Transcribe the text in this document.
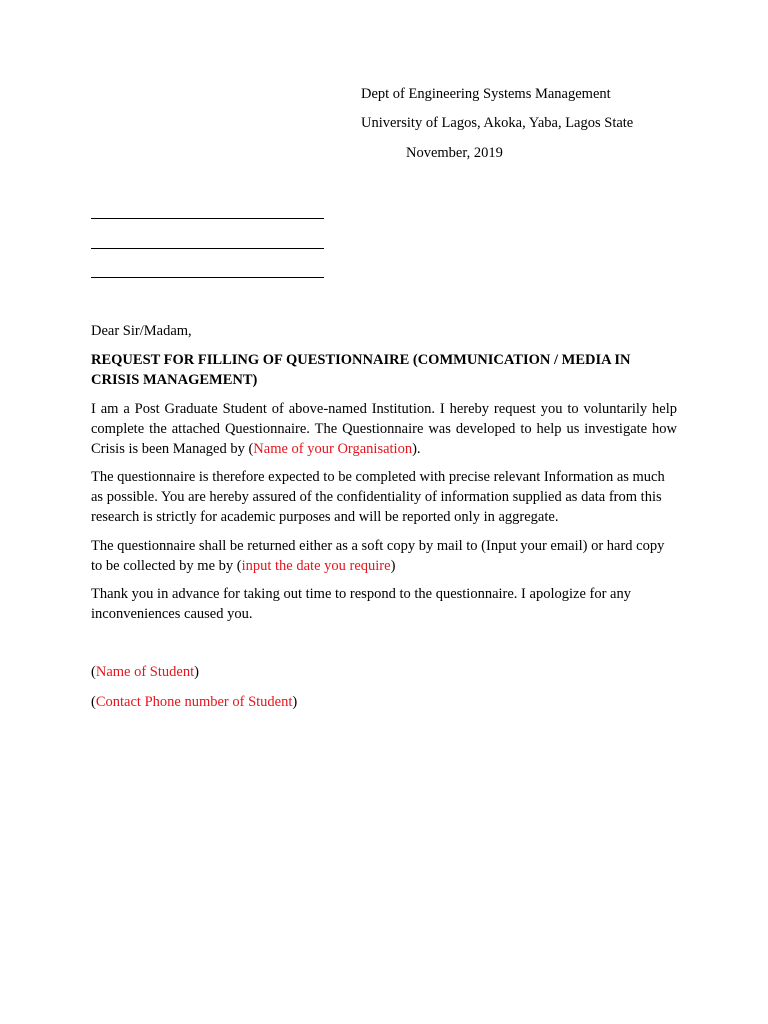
Dept of Engineering Systems Management
University of Lagos, Akoka, Yaba, Lagos State
November, 2019
Dear Sir/Madam,
REQUEST FOR FILLING OF QUESTIONNAIRE (COMMUNICATION / MEDIA IN CRISIS MANAGEMENT)

I am a Post Graduate Student of above-named Institution. I hereby request you to voluntarily help complete the attached Questionnaire. The Questionnaire was developed to help us investigate how Crisis is been Managed by (Name of your Organisation).

The questionnaire is therefore expected to be completed with precise relevant Information as much as possible. You are hereby assured of the confidentiality of information supplied as data from this research is strictly for academic purposes and will be reported only in aggregate.

The questionnaire shall be returned either as a soft copy by mail to (Input your email) or hard copy to be collected by me by (input the date you require)

Thank you in advance for taking out time to respond to the questionnaire. I apologize for any inconveniences caused you.

(Name of Student)
(Contact Phone number of Student)
